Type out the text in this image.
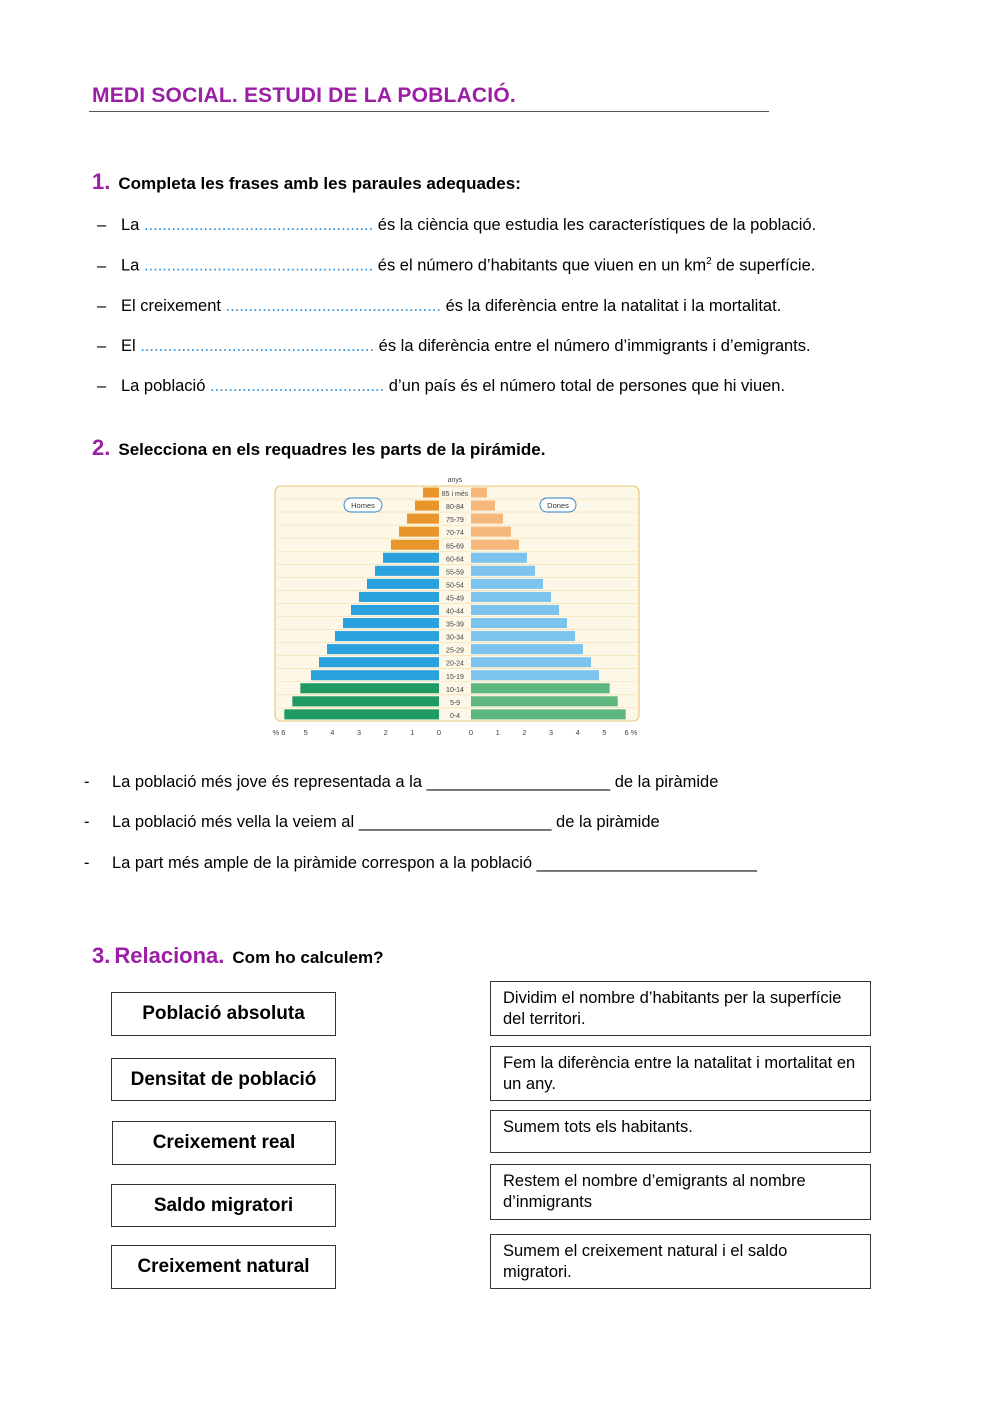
MEDI SOCIAL. ESTUDI DE LA POBLACIÓ.
1. Completa les frases amb les paraules adequades:
– La .................................................. és la ciència que estudia les característiques de la població.
– La .................................................. és el número d’habitants que viuen en un $km^2$ de superfície.
– El creixement ............................................... és la diferència entre la natalitat i la mortalitat.
– El ................................................... és la diferència entre el número d’immigrants i d’emigrants.
– La població ...................................... d’un país és el número total de persones que hi viuen.
2. Selecciona en els requadres les parts de la pirámide.
85 i més
80-84
75-79
70-74
65-69
60-64
55-59
50-54
45-49
40-44
35-39
30-34
25-29
20-24
15-19
10-14
5-9
0-4
anys
Homes	Dones
% 6 5	4	3	2	1	0	0	1	2	3	4	5 6 %
- La població més jove és representada a la ____________________ de la piràmide
- La població més vella la veiem al _____________________ de la piràmide
- La part més ample de la piràmide correspon a la població ________________________
3. Relaciona. Com ho calculem?
Població absoluta
Densitat de població
Creixement real
Saldo migratori
Creixement natural
Dividim el nombre d’habitants per la superfície del territori.
Fem la diferència entre la natalitat i mortalitat en un any.
Sumem tots els habitants.
Restem el nombre d’emigrants al nombre d’inmigrants
Sumem el creixement natural i el saldo migratori.
